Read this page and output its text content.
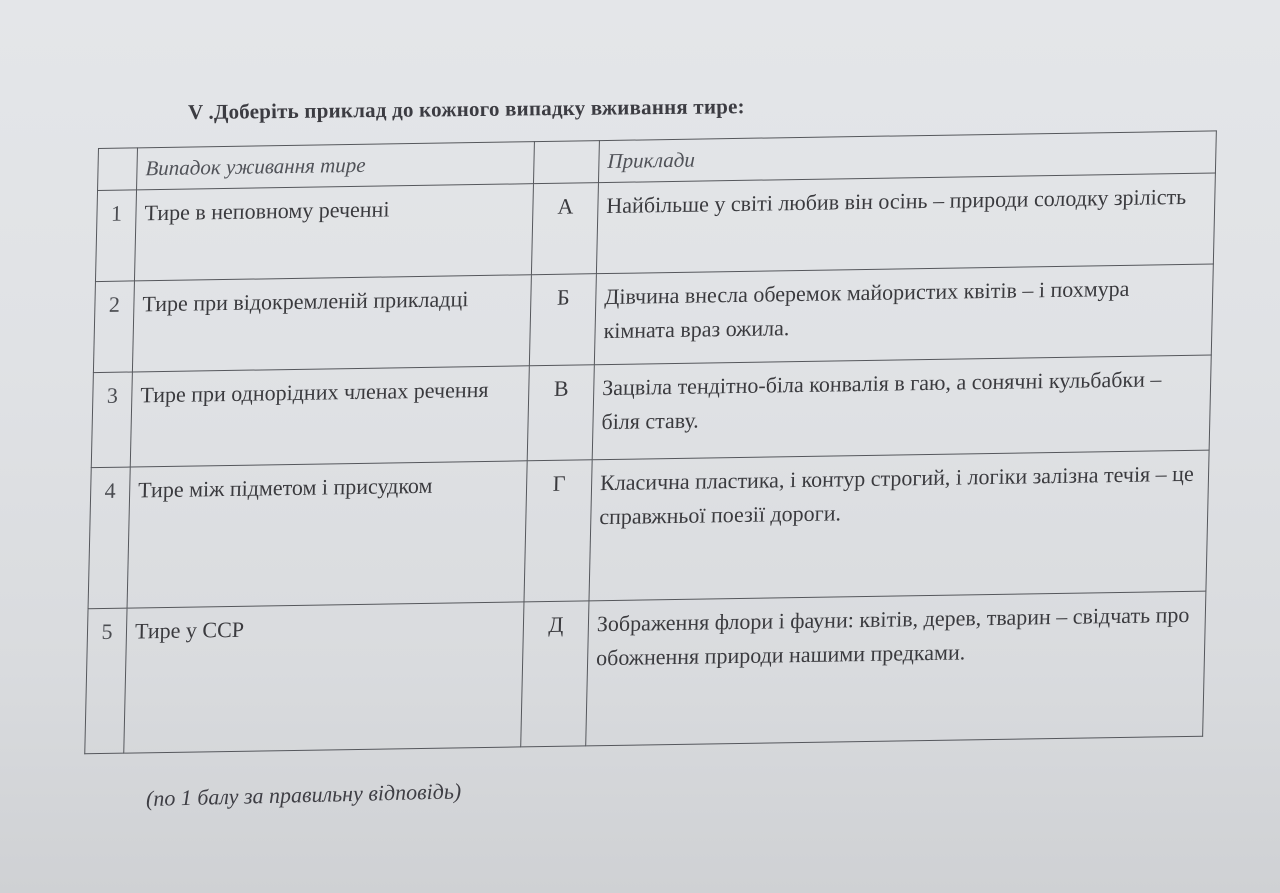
V .Доберіть приклад до кожного випадку вживання тире:
	Випадок уживання тире		Приклади
1	Тире в неповному реченні	А	Найбільше у світі любив він осінь – природи солодку зрілість
2	Тире при відокремленій прикладці	Б	Дівчина внесла оберемок майористих квітів – і похмура кімната враз ожила.
3	Тире при однорідних членах речення	В	Зацвіла тендітно-біла конвалія в гаю, а сонячні кульбабки – біля ставу.
4	Тире між підметом і присудком	Г	Класична пластика, і контур строгий, і логіки залізна течія – це справжньої поезії дороги.
5	Тире у ССР	Д	Зображення флори і фауни: квітів, дерев, тварин – свідчать про обожнення природи нашими предками.
(по 1 балу за правильну відповідь)
